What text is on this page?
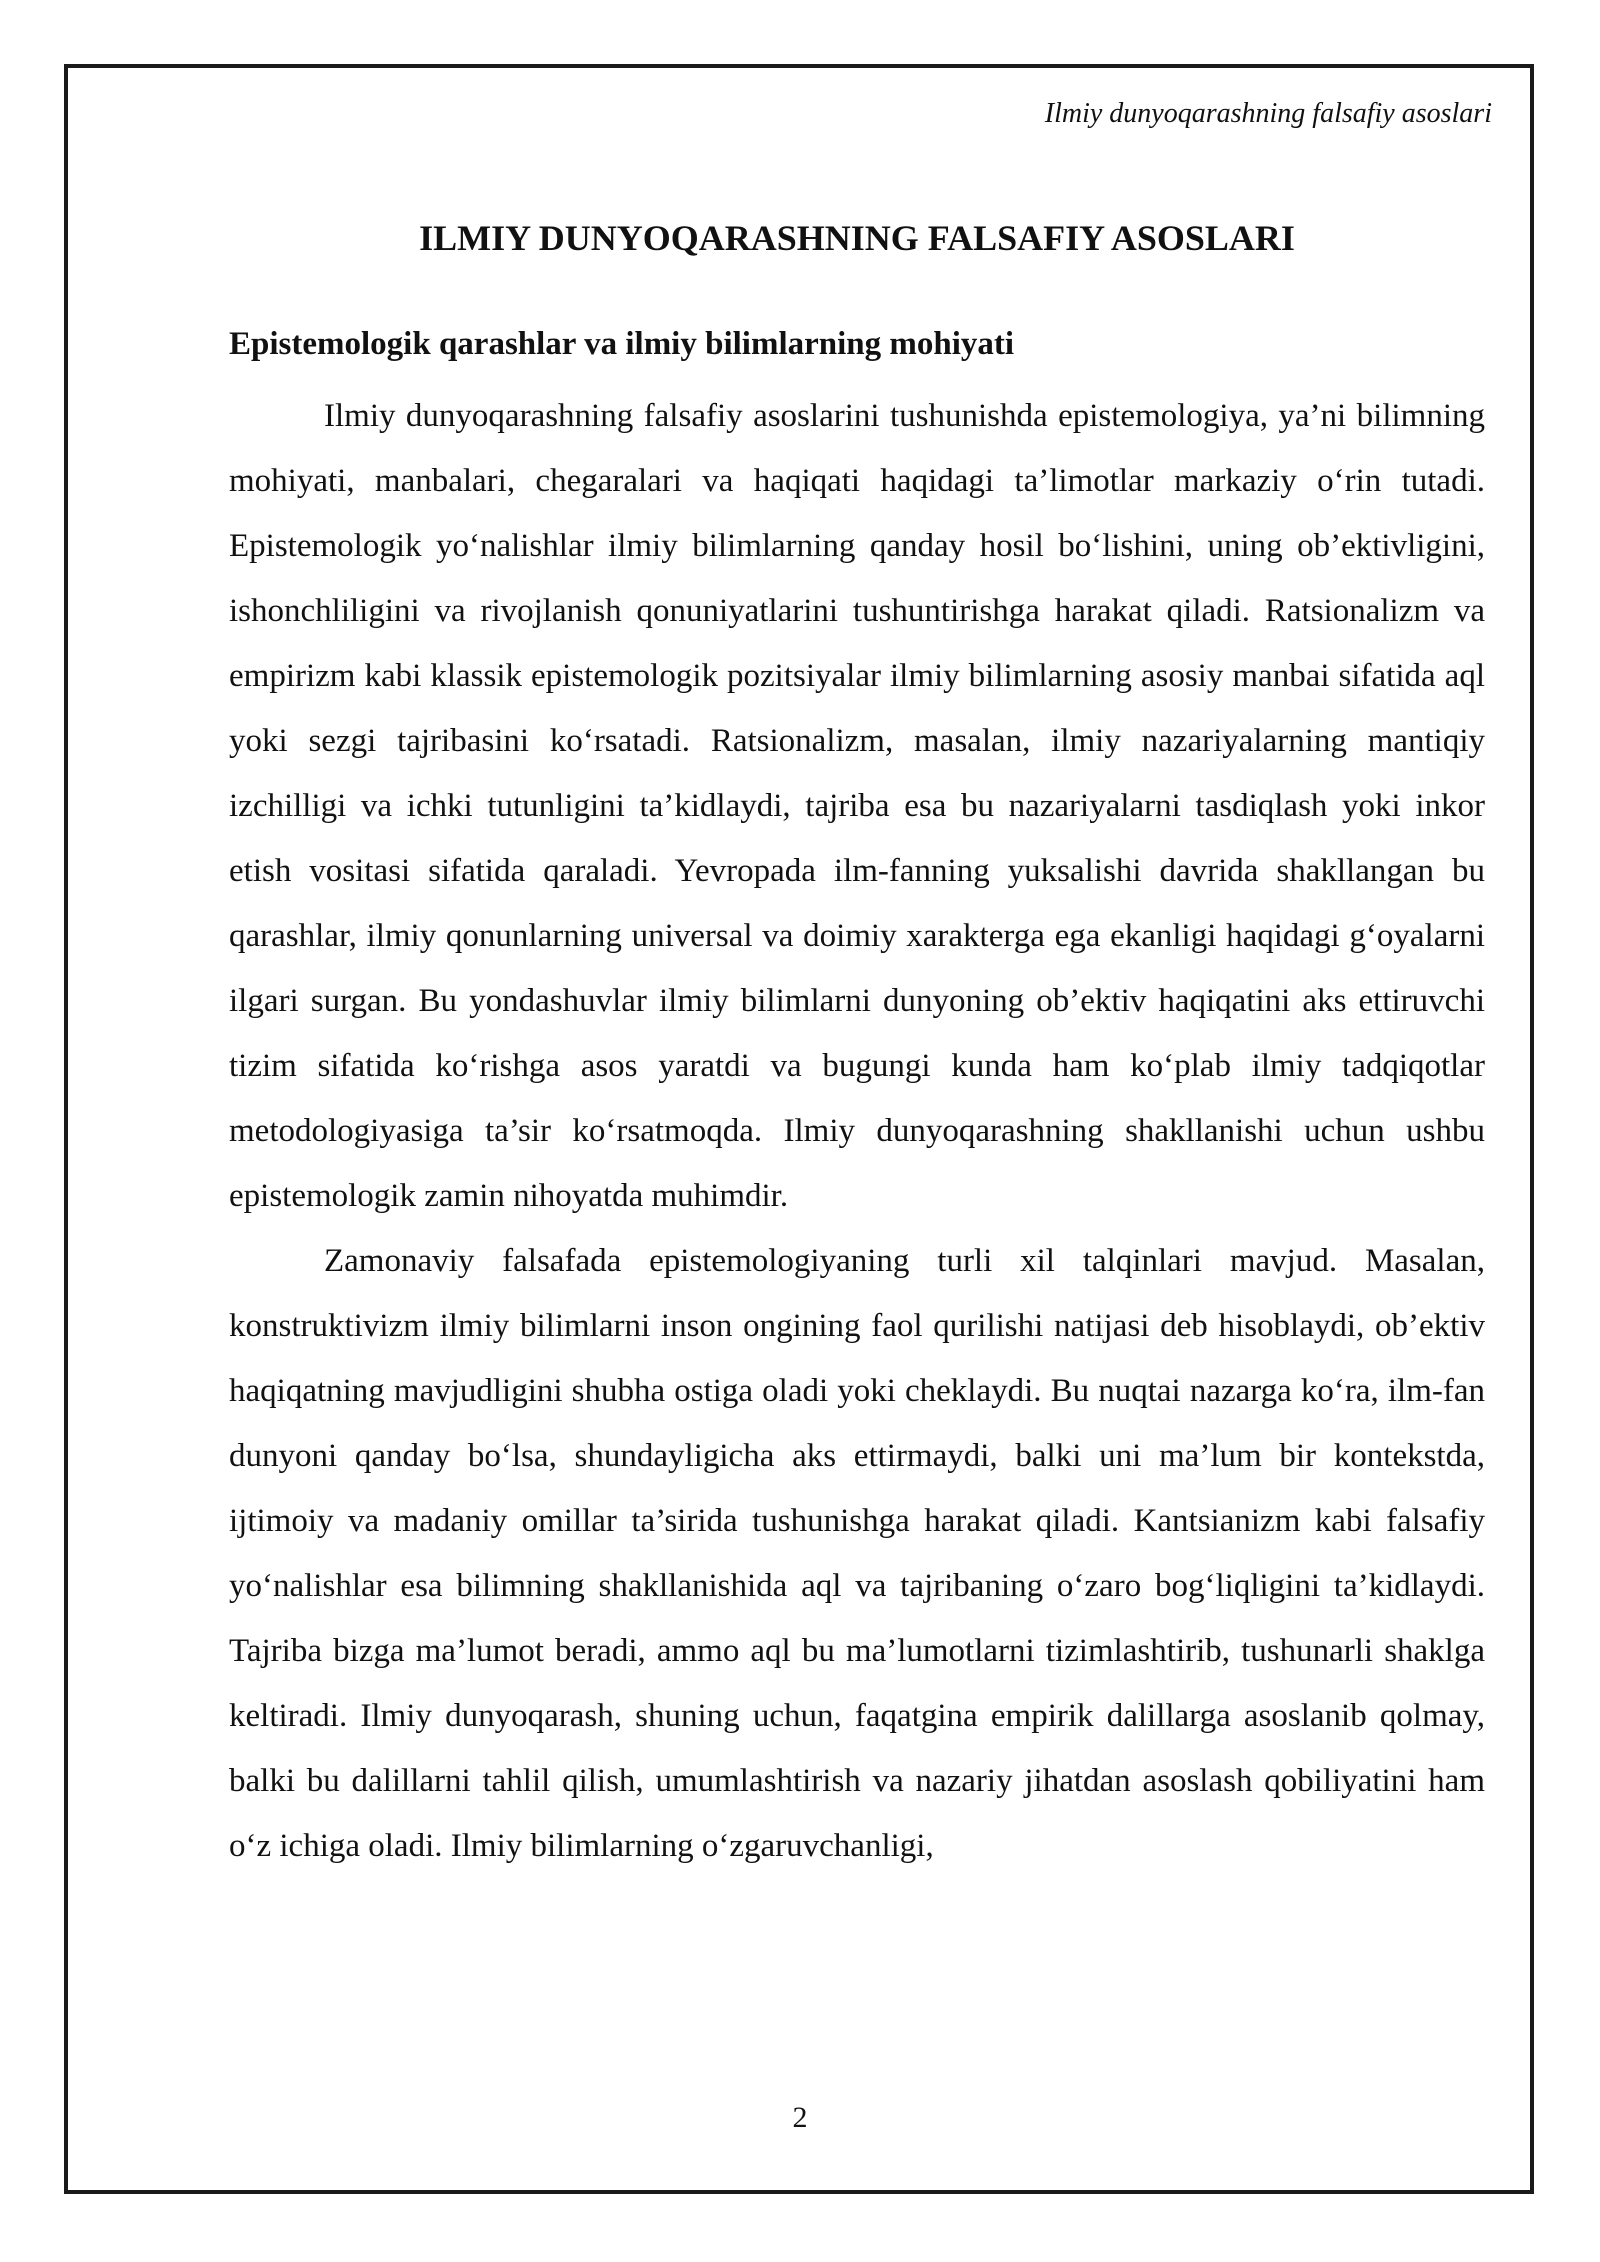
Ilmiy dunyoqarashning falsafiy asoslari
ILMIY DUNYOQARASHNING FALSAFIY ASOSLARI
Epistemologik qarashlar va ilmiy bilimlarning mohiyati

Ilmiy dunyoqarashning falsafiy asoslarini tushunishda epistemologiya, ya’ni bilimning mohiyati, manbalari, chegaralari va haqiqati haqidagi ta’limotlar markaziy o‘rin tutadi. Epistemologik yo‘nalishlar ilmiy bilimlarning qanday hosil bo‘lishini, uning ob’ektivligini, ishonchliligini va rivojlanish qonuniyatlarini tushuntirishga harakat qiladi. Ratsionalizm va empirizm kabi klassik epistemologik pozitsiyalar ilmiy bilimlarning asosiy manbai sifatida aql yoki sezgi tajribasini ko‘rsatadi. Ratsionalizm, masalan, ilmiy nazariyalarning mantiqiy izchilligi va ichki tutunligini ta’kidlaydi, tajriba esa bu nazariyalarni tasdiqlash yoki inkor etish vositasi sifatida qaraladi. Yevropada ilm-fanning yuksalishi davrida shakllangan bu qarashlar, ilmiy qonunlarning universal va doimiy xarakterga ega ekanligi haqidagi g‘oyalarni ilgari surgan. Bu yondashuvlar ilmiy bilimlarni dunyoning ob’ektiv haqiqatini aks ettiruvchi tizim sifatida ko‘rishga asos yaratdi va bugungi kunda ham ko‘plab ilmiy tadqiqotlar metodologiyasiga ta’sir ko‘rsatmoqda. Ilmiy dunyoqarashning shakllanishi uchun ushbu epistemologik zamin nihoyatda muhimdir.

Zamonaviy falsafada epistemologiyaning turli xil talqinlari mavjud. Masalan, konstruktivizm ilmiy bilimlarni inson ongining faol qurilishi natijasi deb hisoblaydi, ob’ektiv haqiqatning mavjudligini shubha ostiga oladi yoki cheklaydi. Bu nuqtai nazarga ko‘ra, ilm-fan dunyoni qanday bo‘lsa, shundayligicha aks ettirmaydi, balki uni ma’lum bir kontekstda, ijtimoiy va madaniy omillar ta’sirida tushunishga harakat qiladi. Kantsianizm kabi falsafiy yo‘nalishlar esa bilimning shakllanishida aql va tajribaning o‘zaro bog‘liqligini ta’kidlaydi. Tajriba bizga ma’lumot beradi, ammo aql bu ma’lumotlarni tizimlashtirib, tushunarli shaklga keltiradi. Ilmiy dunyoqarash, shuning uchun, faqatgina empirik dalillarga asoslanib qolmay, balki bu dalillarni tahlil qilish, umumlashtirish va nazariy jihatdan asoslash qobiliyatini ham o‘z ichiga oladi. Ilmiy bilimlarning o‘zgaruvchanligi,

2
